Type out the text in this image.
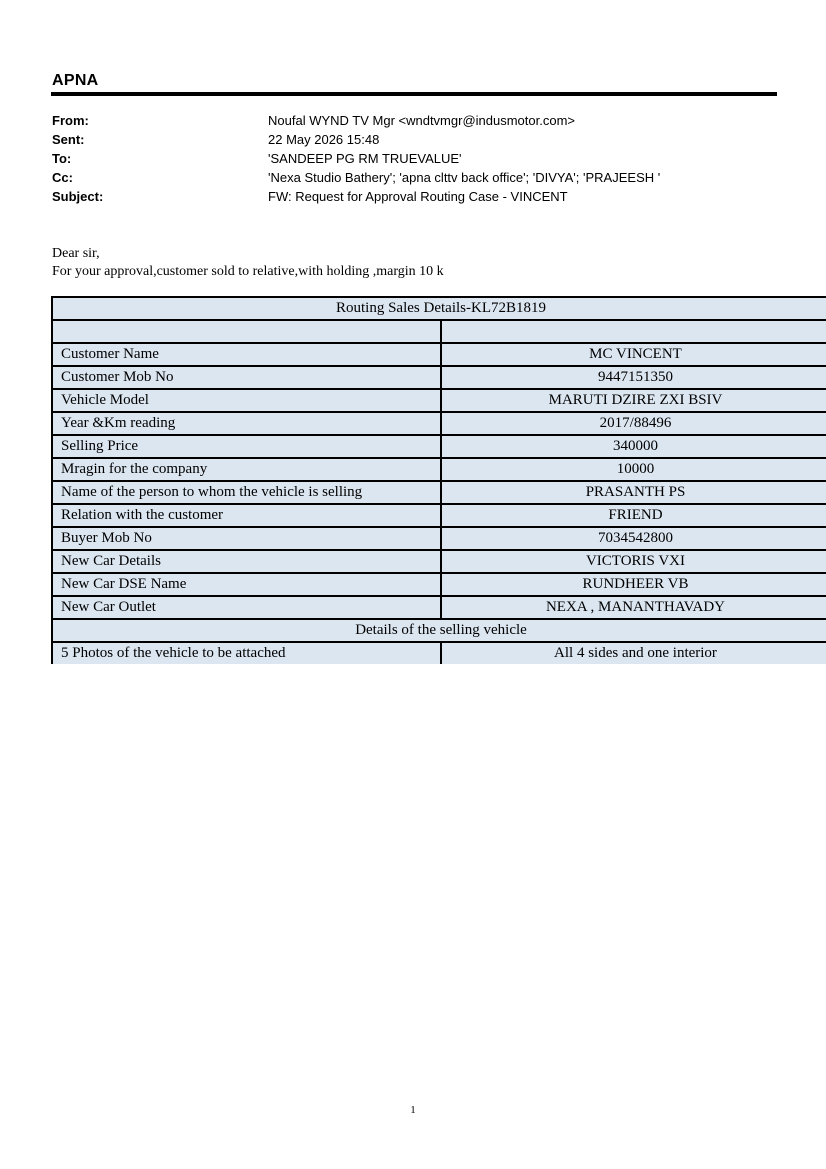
APNA
From:	Noufal WYND TV Mgr <wndtvmgr@indusmotor.com>
Sent:	22 May 2026 15:48
To:	'SANDEEP PG RM TRUEVALUE'
Cc:	'Nexa Studio Bathery'; 'apna clttv back office'; 'DIVYA'; 'PRAJEESH '
Subject:	FW: Request for Approval Routing Case - VINCENT
Dear sir,
For your approval,customer sold to relative,with holding ,margin 10 k
Routing Sales Details-KL72B1819	

Customer Name	MC VINCENT
Customer Mob No	9447151350
Vehicle Model	MARUTI DZIRE ZXI BSIV
Year &Km reading	2017/88496
Selling Price	340000
Mragin for the company	10000
Name of the person to whom the vehicle is selling	PRASANTH PS
Relation with the customer	FRIEND
Buyer Mob No	7034542800
New Car Details	VICTORIS VXI
New Car DSE Name	RUNDHEER VB
New Car Outlet	NEXA , MANANTHAVADY
Details of the selling vehicle	
5 Photos of the vehicle to be attached	All 4 sides and one interior
1
